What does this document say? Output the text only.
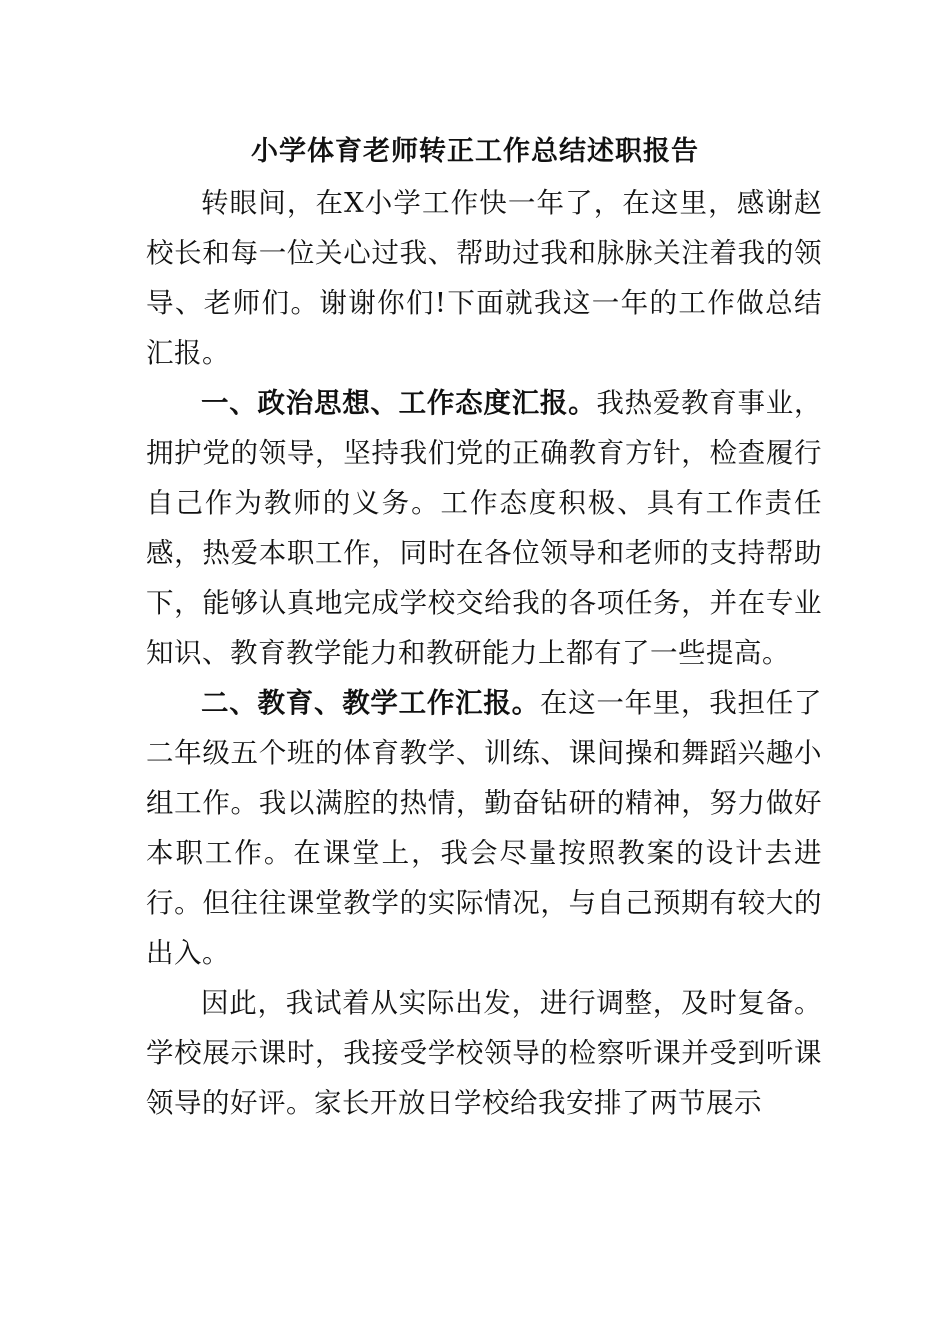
小学体育老师转正工作总结述职报告

转眼间，在X小学工作快一年了，在这里，感谢赵校长和每一位关心过我、帮助过我和脉脉关注着我的领导、老师们。谢谢你们!下面就我这一年的工作做总结汇报。

一、政治思想、工作态度汇报。我热爱教育事业，拥护党的领导，坚持我们党的正确教育方针，检查履行自己作为教师的义务。工作态度积极、具有工作责任感，热爱本职工作，同时在各位领导和老师的支持帮助下，能够认真地完成学校交给我的各项任务，并在专业知识、教育教学能力和教研能力上都有了一些提高。

二、教育、教学工作汇报。在这一年里，我担任了二年级五个班的体育教学、训练、课间操和舞蹈兴趣小组工作。我以满腔的热情，勤奋钻研的精神，努力做好本职工作。在课堂上，我会尽量按照教案的设计去进行。但往往课堂教学的实际情况，与自己预期有较大的出入。

因此，我试着从实际出发，进行调整，及时复备。学校展示课时，我接受学校领导的检察听课并受到听课领导的好评。家长开放日学校给我安排了两节展示
